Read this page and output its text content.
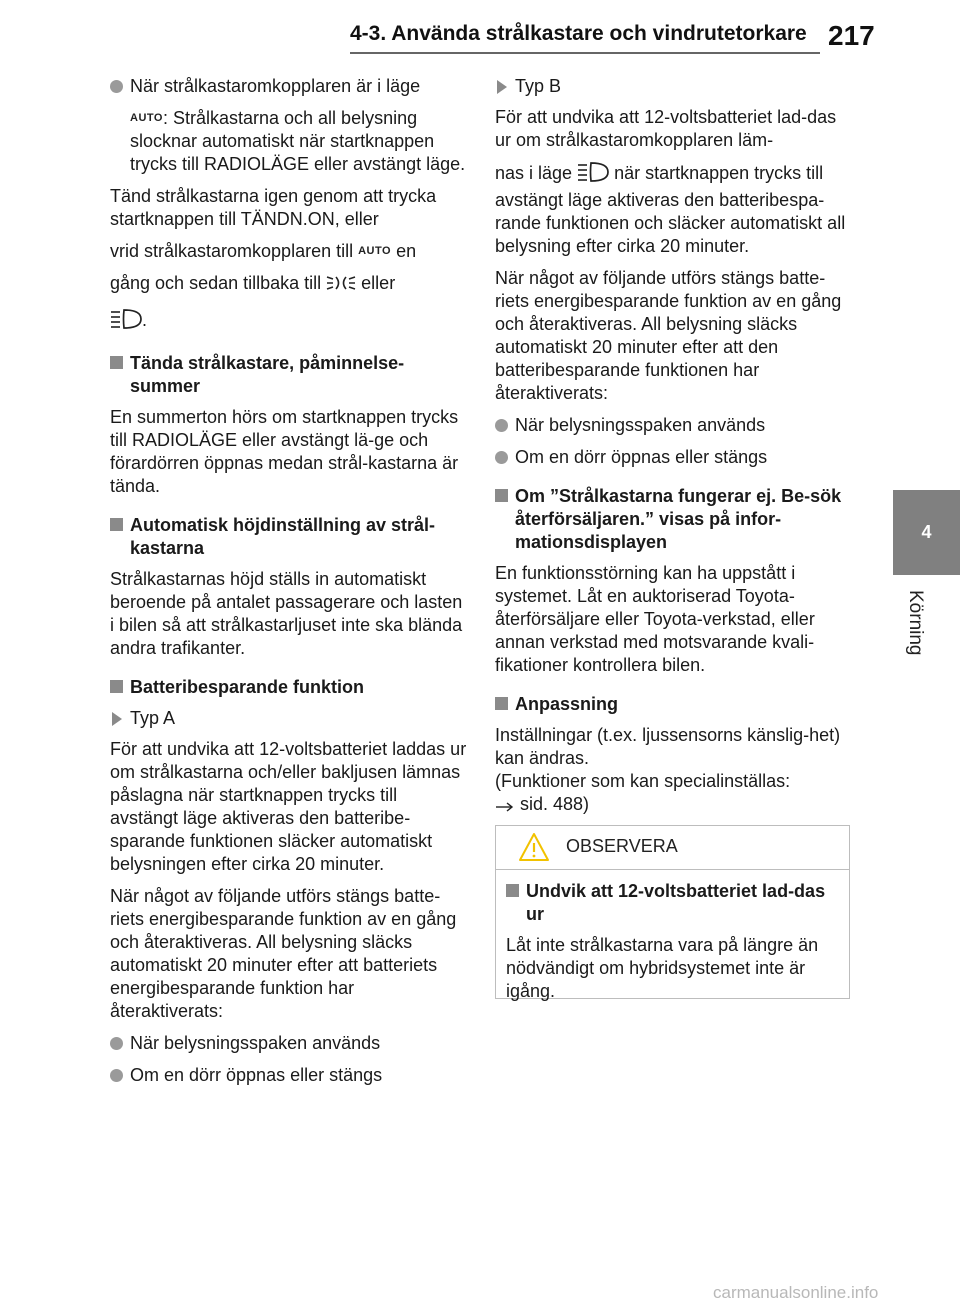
4-3. Använda strålkastare och vindrutetorkare 217
4
Körning
När strålkastaromkopplaren är i läge
AUTO: Strålkastarna och all belysning slocknar automatiskt när startknappen trycks till RADIOLÄGE eller avstängt läge.
Tänd strålkastarna igen genom att trycka startknappen till TÄNDN.ON, eller
vrid strålkastaromkopplaren till AUTO en
gång och sedan tillbaka till eller
.
Tända strålkastare, påminnelse-summer
En summerton hörs om startknappen trycks till RADIOLÄGE eller avstängt lä-ge och förardörren öppnas medan strål-kastarna är tända.
Automatisk höjdinställning av strål-kastarna
Strålkastarnas höjd ställs in automatiskt beroende på antalet passagerare och lasten i bilen så att strålkastarljuset inte ska blända andra trafikanter.
Batteribesparande funktion
Typ A
För att undvika att 12-voltsbatteriet laddas ur om strålkastarna och/eller bakljusen lämnas påslagna när startknappen trycks till avstängt läge aktiveras den batteribe-sparande funktionen släcker automatiskt belysningen efter cirka 20 minuter.
När något av följande utförs stängs batte-riets energibesparande funktion av en gång och återaktiveras. All belysning släcks automatiskt 20 minuter efter att batteriets energibesparande funktion har återaktiverats:
När belysningsspaken används
Om en dörr öppnas eller stängs
Typ B
För att undvika att 12-voltsbatteriet lad-das ur om strålkastaromkopplaren läm-
nas i läge när startknappen trycks till avstängt läge aktiveras den batteribespa-rande funktionen och släcker automatiskt all belysning efter cirka 20 minuter.
När något av följande utförs stängs batte-riets energibesparande funktion av en gång och återaktiveras. All belysning släcks automatiskt 20 minuter efter att den batteribesparande funktionen har återaktiverats:
När belysningsspaken används
Om en dörr öppnas eller stängs
Om ”Strålkastarna fungerar ej. Be-sök återförsäljaren.” visas på infor-mationsdisplayen
En funktionsstörning kan ha uppstått i systemet. Låt en auktoriserad Toyota-återförsäljare eller Toyota-verkstad, eller annan verkstad med motsvarande kvali-fikationer kontrollera bilen.
Anpassning
Inställningar (t.ex. ljussensorns känslig-het) kan ändras.
(Funktioner som kan specialinställas:
sid. 488)
OBSERVERA
Undvik att 12-voltsbatteriet lad-das ur
Låt inte strålkastarna vara på längre än nödvändigt om hybridsystemet inte är igång.
carmanualsonline.info
